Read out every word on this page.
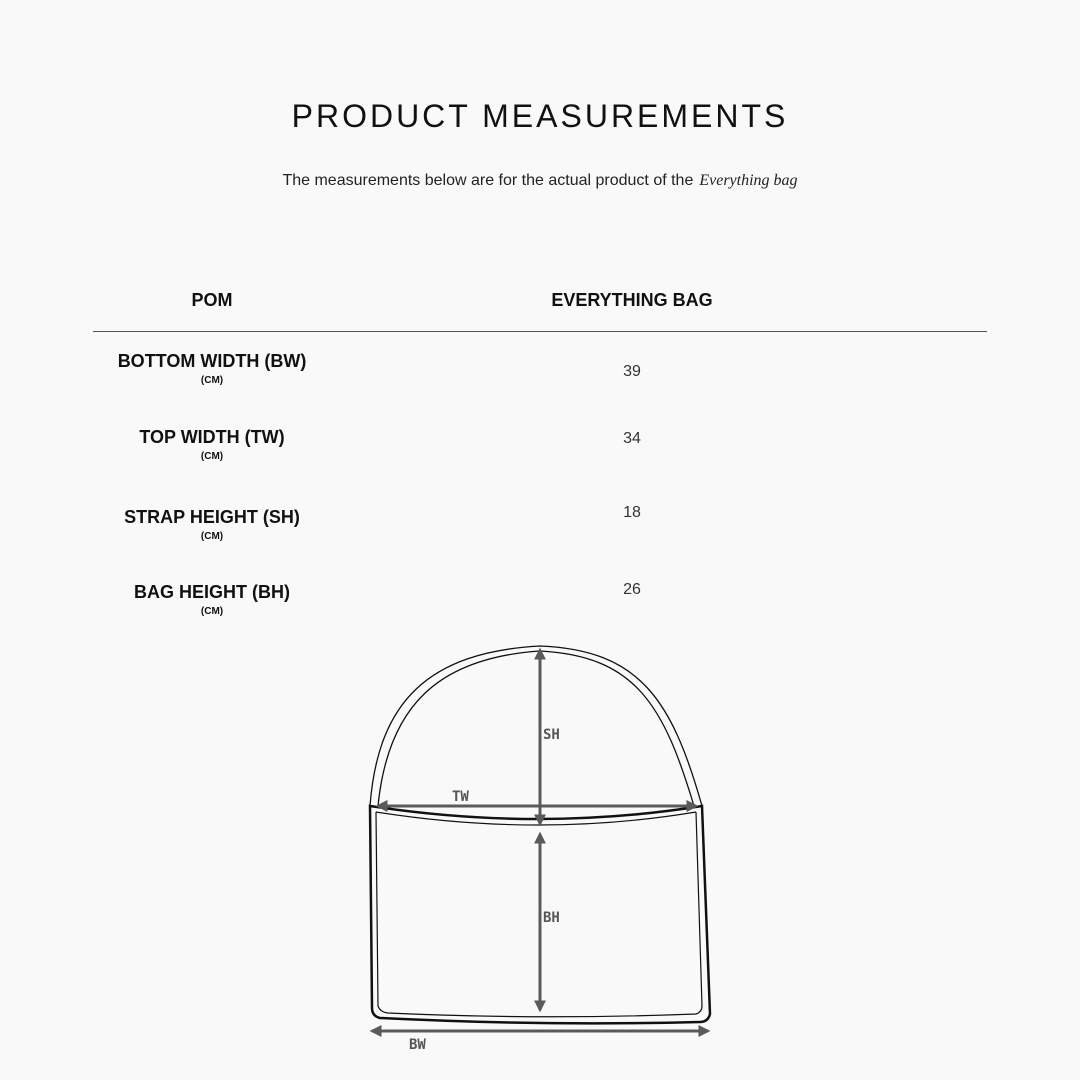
PRODUCT MEASUREMENTS
The measurements below are for the actual product of the Everything bag
POM	EVERYTHING BAG
BOTTOM WIDTH (BW)
(CM)
39
TOP WIDTH (TW)
(CM)
34
STRAP HEIGHT (SH)
(CM)
18
BAG HEIGHT (BH)
(CM)
26
SH
TW
BH
BW
